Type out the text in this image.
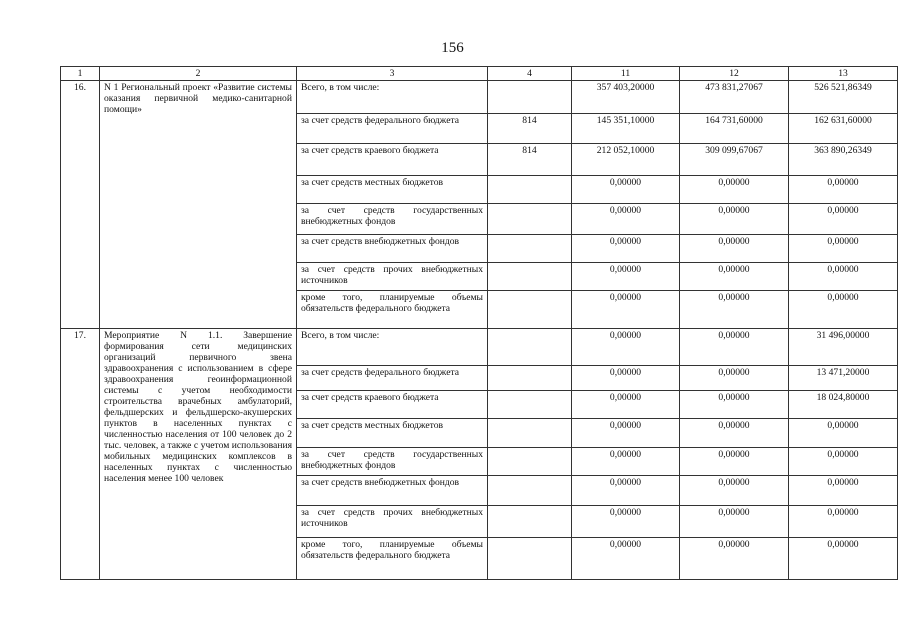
156
1	2	3	4	11	12	13
16.	N 1 Региональный проект «Развитие системы оказания первичной медико-санитарной помощи»	Всего, в том числе:		357 403,20000	473 831,27067	526 521,86349
		за счет средств федерального бюджета	814	145 351,10000	164 731,60000	162 631,60000
		за счет средств краевого бюджета	814	212 052,10000	309 099,67067	363 890,26349
		за счет средств местных бюджетов		0,00000	0,00000	0,00000
		за счет средств государственных внебюджетных фондов		0,00000	0,00000	0,00000
		за счет средств внебюджетных фондов		0,00000	0,00000	0,00000
		за счет средств прочих внебюджетных источников		0,00000	0,00000	0,00000
		кроме того, планируемые объемы обязательств федерального бюджета		0,00000	0,00000	0,00000
17.	Мероприятие N 1.1. Завершение формирования сети медицинских организаций первичного звена здравоохранения с использованием в сфере здравоохранения геоинформационной системы с учетом необходимости строительства врачебных амбулаторий, фельдшерских и фельдшерско-акушерских пунктов в населенных пунктах с численностью населения от 100 человек до 2 тыс. человек, а также с учетом использования мобильных медицинских комплексов в населенных пунктах с численностью населения менее 100 человек	Всего, в том числе:		0,00000	0,00000	31 496,00000
		за счет средств федерального бюджета		0,00000	0,00000	13 471,20000
		за счет средств краевого бюджета		0,00000	0,00000	18 024,80000
		за счет средств местных бюджетов		0,00000	0,00000	0,00000
		за счет средств государственных внебюджетных фондов		0,00000	0,00000	0,00000
		за счет средств внебюджетных фондов		0,00000	0,00000	0,00000
		за счет средств прочих внебюджетных источников		0,00000	0,00000	0,00000
		кроме того, планируемые объемы обязательств федерального бюджета		0,00000	0,00000	0,00000
